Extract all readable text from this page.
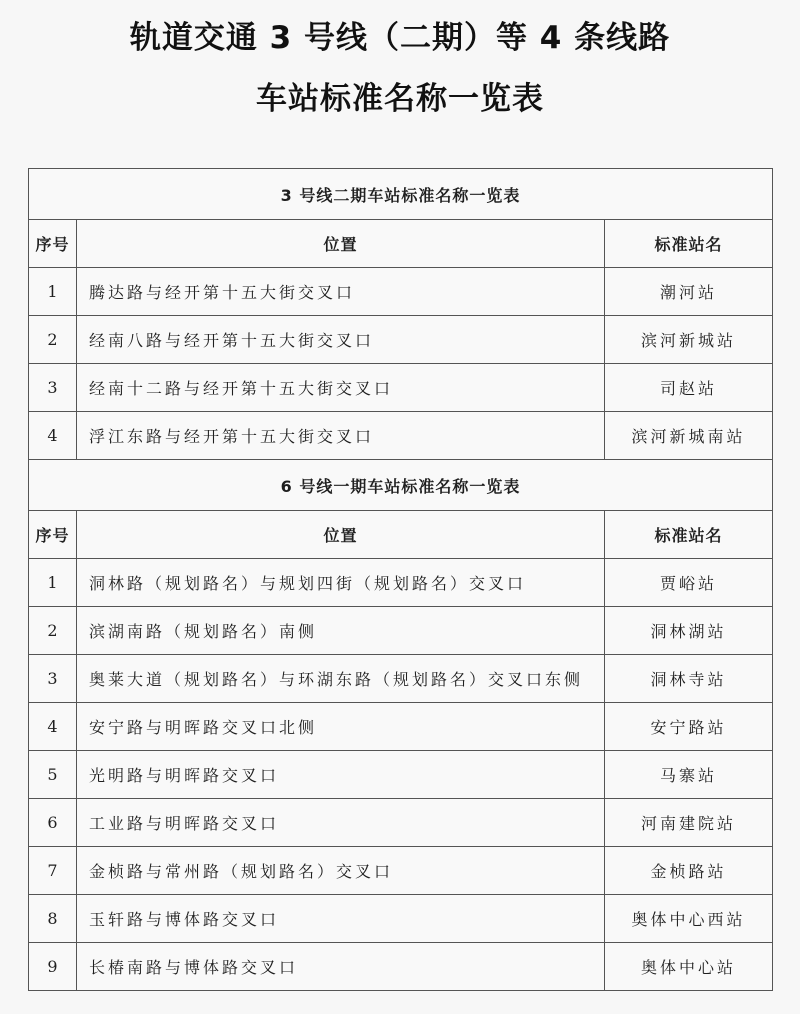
轨道交通 3 号线（二期）等 4 条线路
车站标准名称一览表
3 号线二期车站标准名称一览表		
序号	位置	标准站名
1	腾达路与经开第十五大街交叉口	潮河站
2	经南八路与经开第十五大街交叉口	滨河新城站
3	经南十二路与经开第十五大街交叉口	司赵站
4	浮江东路与经开第十五大街交叉口	滨河新城南站
6 号线一期车站标准名称一览表		
序号	位置	标准站名
1	洞林路（规划路名）与规划四街（规划路名）交叉口	贾峪站
2	滨湖南路（规划路名）南侧	洞林湖站
3	奥莱大道（规划路名）与环湖东路（规划路名）交叉口东侧	洞林寺站
4	安宁路与明晖路交叉口北侧	安宁路站
5	光明路与明晖路交叉口	马寨站
6	工业路与明晖路交叉口	河南建院站
7	金桢路与常州路（规划路名）交叉口	金桢路站
8	玉轩路与博体路交叉口	奥体中心西站
9	长椿南路与博体路交叉口	奥体中心站
